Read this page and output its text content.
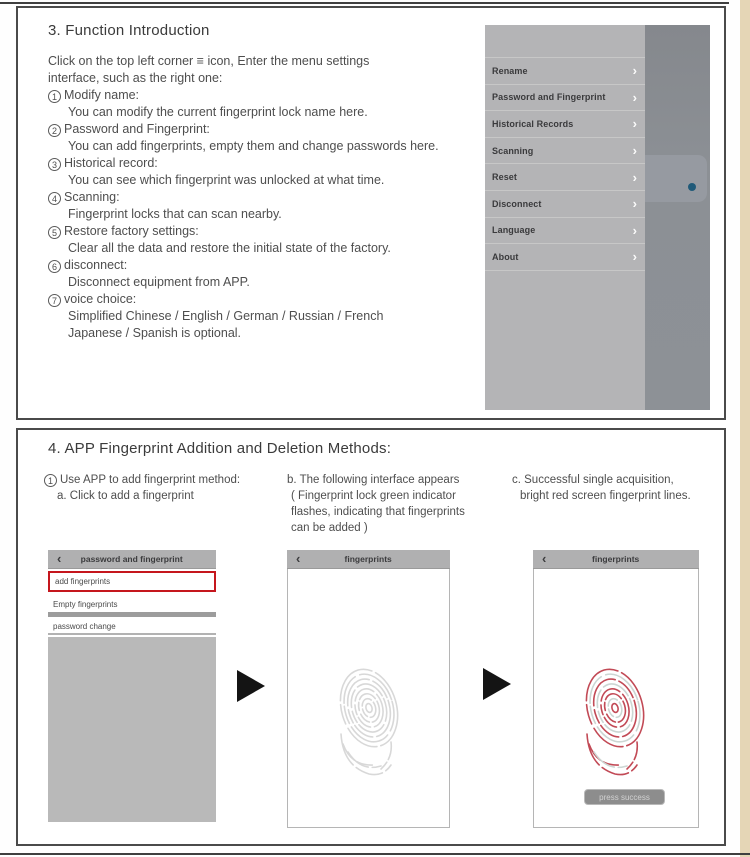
3. Function Introduction
Click on the top left corner ≡ icon, Enter the menu settings
interface, such as the right one:
1 Modify name:
You can modify the current fingerprint lock name here.
2 Password and Fingerprint:
You can add fingerprints, empty them and change passwords here.
3 Historical record:
You can see which fingerprint was unlocked at what time.
4 Scanning:
Fingerprint locks that can scan nearby.
5 Restore factory settings:
Clear all the data and restore the initial state of the factory.
6 disconnect:
Disconnect equipment from APP.
7 voice choice:
Simplified Chinese / English / German / Russian / French
Japanese / Spanish is optional.
Rename	›
Password and Fingerprint ›
Historical Records	›
Scanning	›
Reset	›
Disconnect	›
Language	›
About	›
4. APP Fingerprint Addition and Deletion Methods:
1 Use APP to add fingerprint method:
a. Click to add a fingerprint
b. The following interface appears
( Fingerprint lock green indicator
flashes, indicating that fingerprints
can be added )
c. Successful single acquisition,
bright red screen fingerprint lines.
‹	password and fingerprint
add fingerprints
Empty fingerprints
password change
‹	fingerprints	‹	fingerprints
press success
